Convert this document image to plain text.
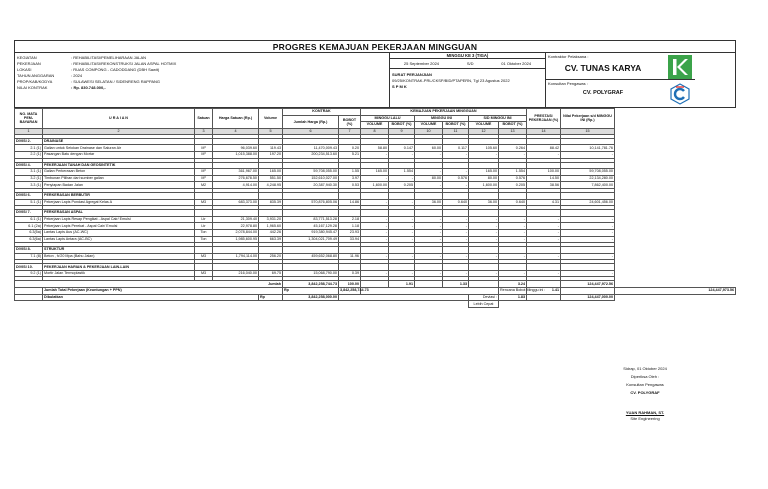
PROGRES KEMAJUAN PEKERJAAN MINGGUAN
KEGIATAN	: REHABILITASI/PEMELIHARAAN JALAN
PEKERJAAN	: REHABILITASI/REKONSTRUKSI JALAN ASPAL HOTMIX
LOKASI	: RUAS COMPONG - CADODDANG (DBH Sawit)
TAHUN ANGGARAN	: 2024
PROP/KAB/KODYA	: SULAWESI SELATAN / SIDENRENG RAPPANG
NILAI KONTRAK	: Rp. 830.748.000,-
MINGGU KE 3 (TIGA)
25 September 2024	S/D	01 Oktober 2024
SURAT PERJANJIAN
09/25/KONTRAK-PRL/CKSP/BID/PTAPERN, Tgl 23 Agustus 2022
S P M K
Kontraktor Pelaksana :
CV. TUNAS KARYA
Konsultan Pengawas :
CV. POLYGRAF
NO. MATA PEM-BAYARAN	U R A I A N	Satuan	Harga Satuan (Rp.)	Volume	KONTRAK		KEMAJUAN PEKERJAAN MINGGUAN						PRESTASI PEKERJAAN (%)	Nilai Pekerjaan s/d MINGGU INI (Rp.)	
					Jumlah Harga (Rp.)	BOBOT (%)	MINGGU LALU		MINGGU INI		S/D MINGGU INI				
							VOLUME	BOBOT (%)	VOLUME	BOBOT (%)	VOLUME	BOBOT (%)			
1	2	3	4	5	6	7	8	9	10	11	12	13	14	15	

DIVISI 2.	DRAINASE														
2.1 (1)	Galian untuk Selokan Drainase dan Saluran Air	M³	96,039.60	119.43	11,470,009.43	0.20	58.80	0.147	60.00	0.117	105.60	0.264	88.42	10,141,781.76	
2.2 (1)	Pasangan Batu dengan Mortar	M³	1,015,388.00	197.20	200,234,513.60	5.21	-	-	-	-	-	-	-	-	

DIVISI 4.	PEKERJAAN TANAH DAN GEOSINTETIK														
3.1 (1)	Galian Perkerasan Beton	M³	361,967.00	165.00	59,708,055.00	1.55	165.00	1.554	-	-	165.00	1.554	100.00	59,708,055.00	
3.2 (1)	Timbunan Pilihan dari sumber galian	M³	276,678.50	551.50	152,610,027.00	3.97	-	-	80.00	0.576	80.00	0.576	14.50	22,134,280.00	
3.3 (1)	Penyiapan Badan Jalan	M2	4,914.00	4,248.95	20,387,940.30	0.53	1,600.00	0.205	-	-	1,600.00	0.205	38.56	7,862,400.00	

DIVISI 6.	PERKERASAN BERBUTIR														
5.1 (1)	Pekerjaan Lapis Pondasi Agregat Kelas A	M3	683,373.00	835.39	570,876,805.06	14.86	-	-	36.00	0.640	36.00	0.640	4.31	24,601,456.00	

DIVISI 7.	PERKERASAN ASPAL														
6.1 (1)	Pekerjaan Lapis Resap Pengikat - Aspal Cair/ Emulsi	Ltr	21,309.40	3,931.20	83,771,513.28	2.18	-	-	-	-	-	-	-	-	
6.1 (2a)	Pekerjaan Lapis Perekat - Aspal Cair/ Emulsi	Ltr	22,978.80	1,965.60	45,167,129.28	1.18	-	-	-	-	-	-	-	-	
6.3(5a)	Lantas Lapis Aus (AC-WC)	Ton	2,078,844.00	442.26	919,380,945.47	23.93	-	-	-	-	-	-	-	-	
6.3(6a)	Lantas Lapis Antara (AC-BC)	Ton	1,985,600.95	663.39	1,304,021,709.49	33.94	-	-	-	-	-	-	-	-	

DIVISI 8.	STRUKTUR														
7.1 (8)	Beton , fc'20 Mpa (Bahu Jalan)	M3	1,794,114.00	256.20	459,652,068.80	11.96	-	-	-	-	-	-	-	-	

DIVISI 10.	PEKERJAAN HARIAN & PEKERJAAN LAIN-LAIN														
9.2 (1)	Mortir Jalan Termoplastik	M3	216,040.00	69.75	15,068,790.00	0.39	-	-	-	-	-	-	-	-	

Jumlah					3,842,258,744.73	100.00		1.91		1.33		3.24		124,447,972.56	
	Jumlah Total Pekerjaan (Keuntungan + PPN)				Rp	3,842,258,744.73						Rencana Bobot Minggu ini :	1.41		124,447,973.56
	Dibulatkan			Rp	3,842,258,000.00						Deviasi :	1.83		124,447,000.00	
											Lebih Cepat				
Sidrap, 01 Oktober 2024
Diperiksa Oleh :
Konsultan Pengawas
CV. POLYGRAF
YUAN RAHMAN, ST.
Site Engineering
